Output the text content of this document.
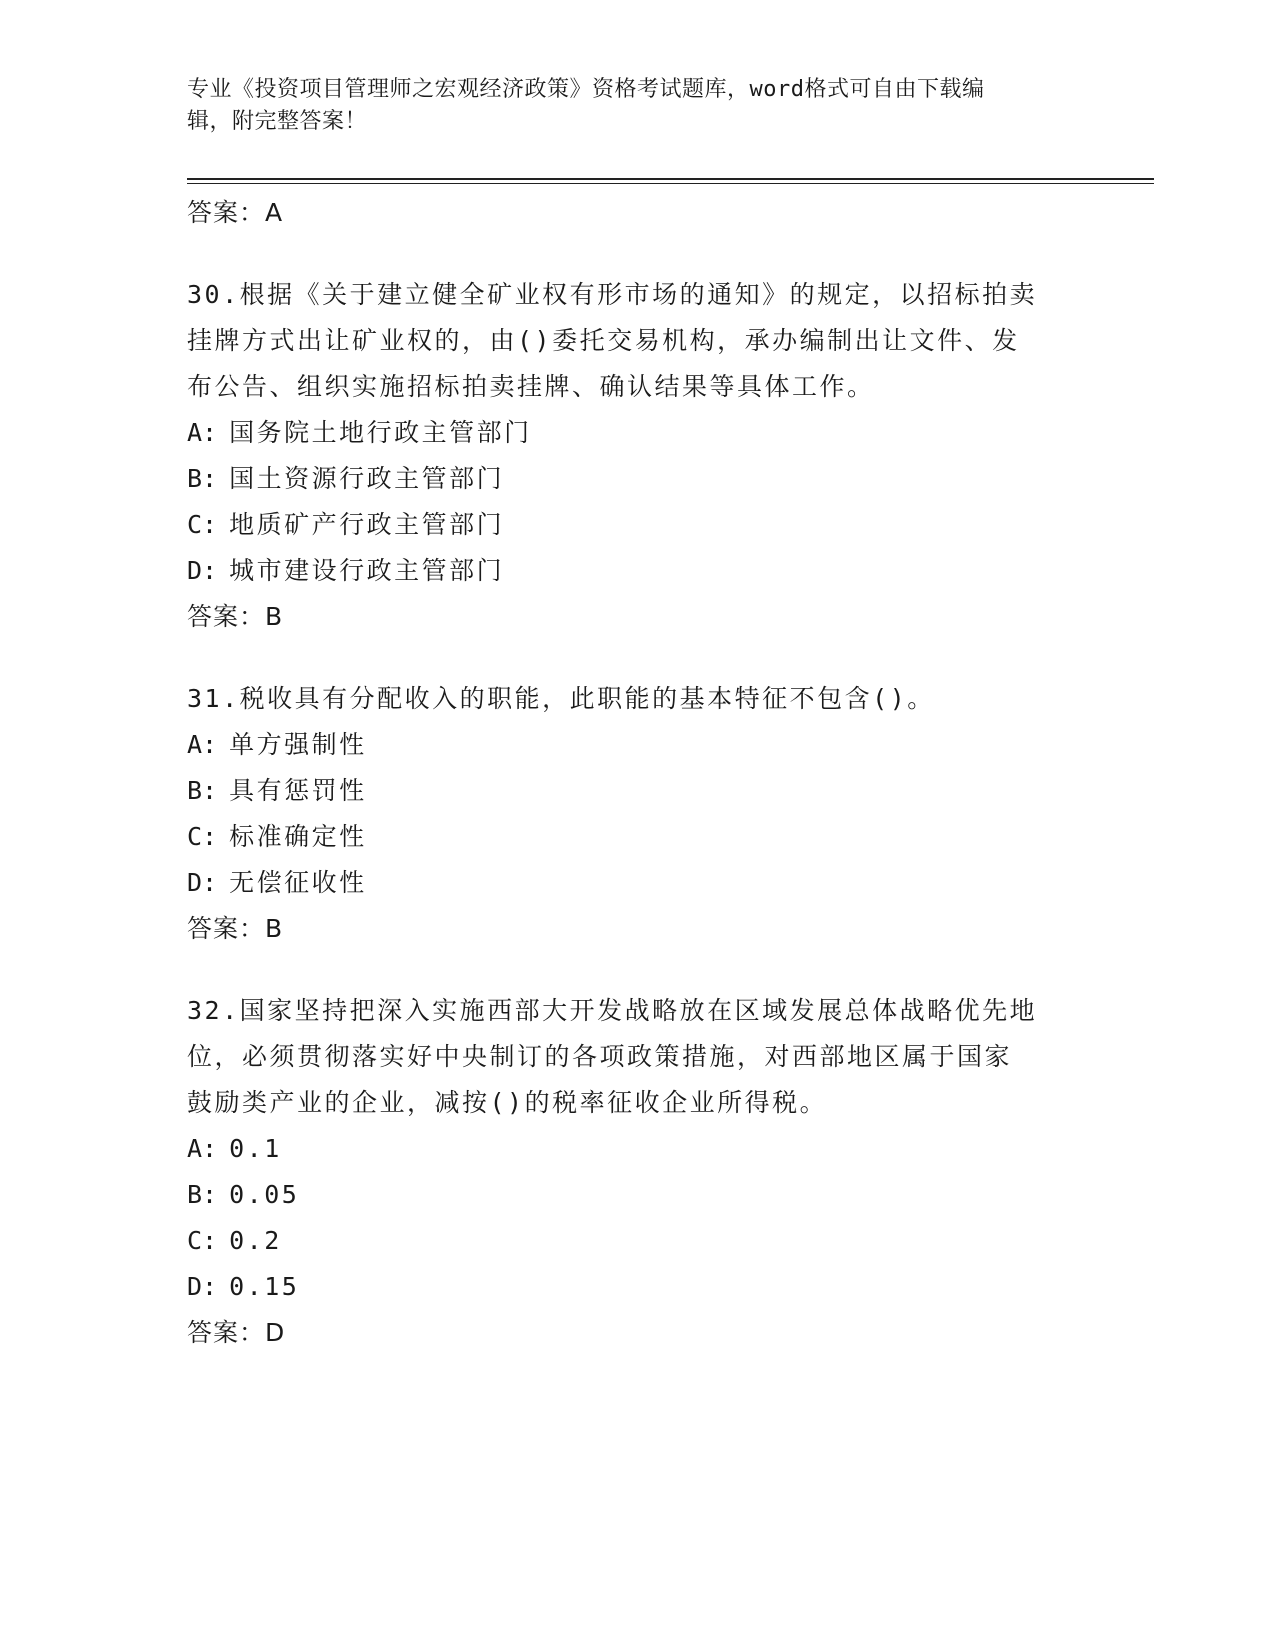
专业《投资项目管理师之宏观经济政策》资格考试题库，word格式可自由下载编
辑，附完整答案！

答案：A

30.根据《关于建立健全矿业权有形市场的通知》的规定，以招标拍卖

挂牌方式出让矿业权的，由()委托交易机构，承办编制出让文件、发

布公告、组织实施招标拍卖挂牌、确认结果等具体工作。

A: 国务院土地行政主管部门

B: 国土资源行政主管部门

C: 地质矿产行政主管部门

D: 城市建设行政主管部门

答案：B

31.税收具有分配收入的职能，此职能的基本特征不包含()。

A: 单方强制性

B: 具有惩罚性

C: 标准确定性

D: 无偿征收性

答案：B

32.国家坚持把深入实施西部大开发战略放在区域发展总体战略优先地

位，必须贯彻落实好中央制订的各项政策措施，对西部地区属于国家

鼓励类产业的企业，减按()的税率征收企业所得税。

A: 0.1

B: 0.05

C: 0.2

D: 0.15

答案：D
